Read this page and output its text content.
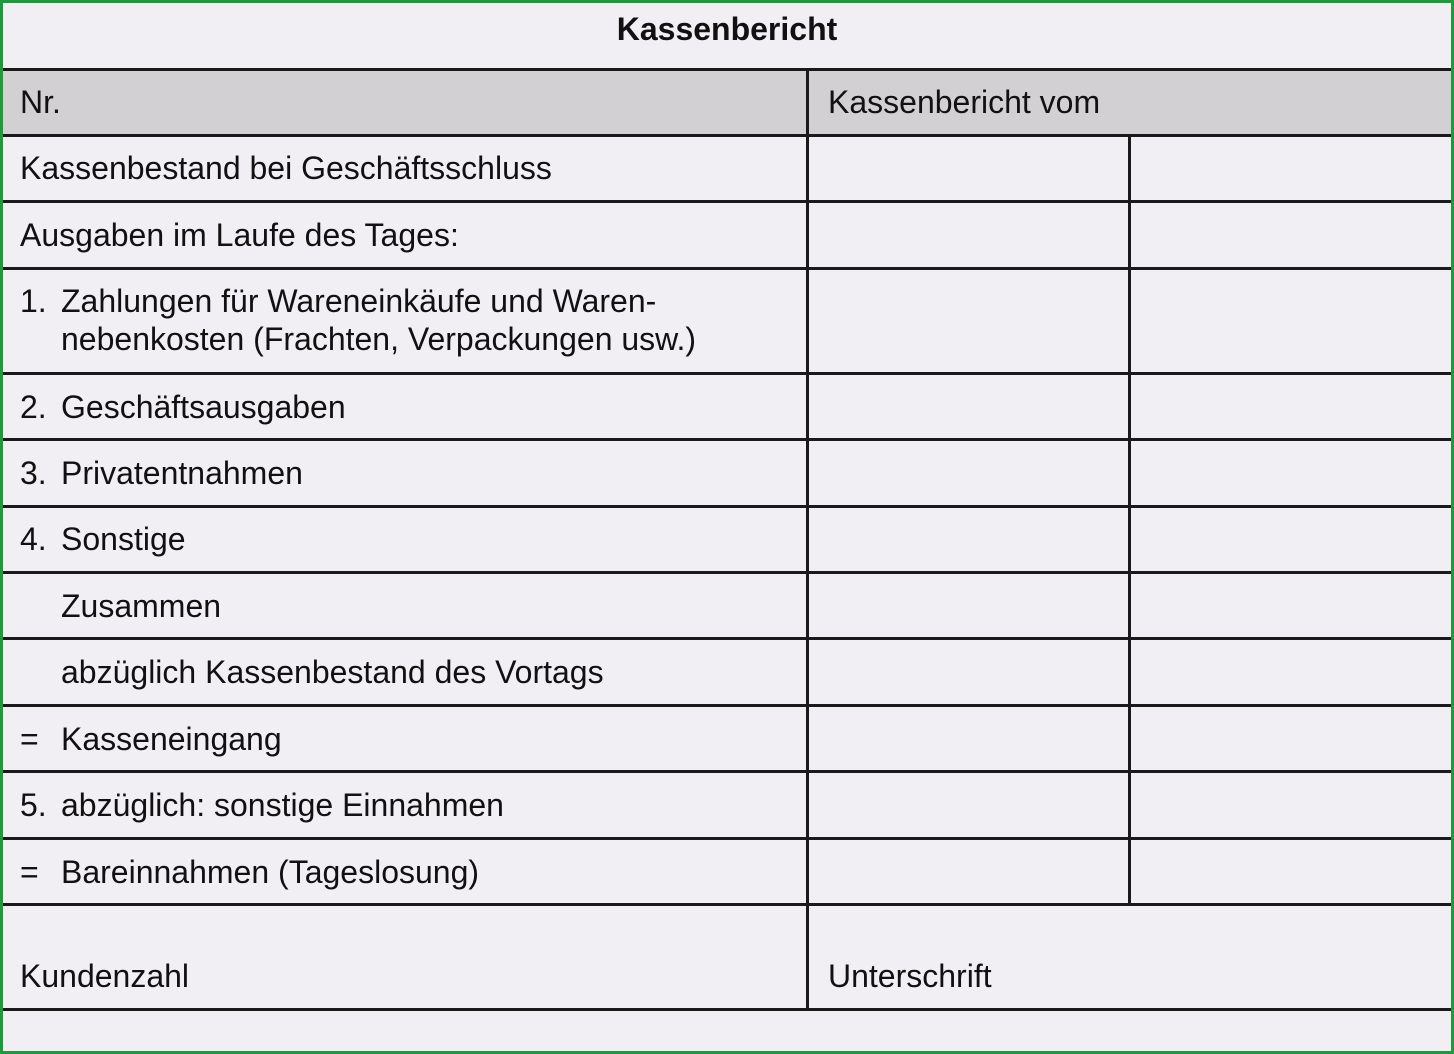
Kassenbericht
Nr.	Kassenbericht vom
Kassenbestand bei Geschäftsschluss
Ausgaben im Laufe des Tages:
1. Zahlungen für Wareneinkäufe und Waren-
nebenkosten (Frachten, Verpackungen usw.)
2. Geschäftsausgaben
3. Privatentnahmen
4. Sonstige
Zusammen
abzüglich Kassenbestand des Vortags
= Kasseneingang
5. abzüglich: sonstige Einnahmen
= Bareinnahmen (Tageslosung)
Kundenzahl	Unterschrift
